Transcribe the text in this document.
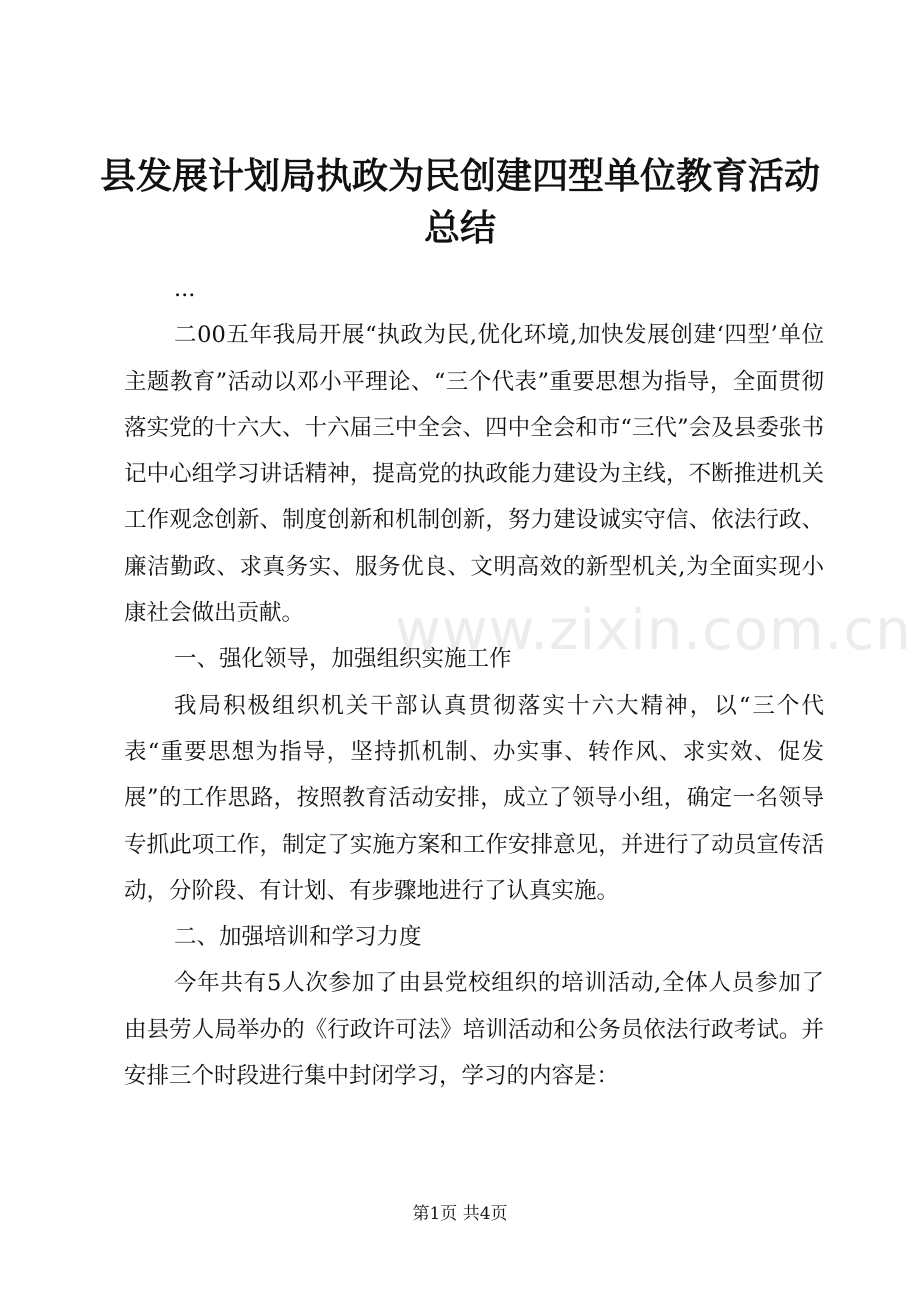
www.zixin.com.cn
县发展计划局执政为民创建四型单位教育活动
总结

...

二00五年我局开展“执政为民,优化环境,加快发展创建‘四型’单位主题教育”活动以邓小平理论、“三个代表”重要思想为指导，全面贯彻落实党的十六大、十六届三中全会、四中全会和市“三代”会及县委张书记中心组学习讲话精神，提高党的执政能力建设为主线，不断推进机关工作观念创新、制度创新和机制创新，努力建设诚实守信、依法行政、廉洁勤政、求真务实、服务优良、文明高效的新型机关,为全面实现小康社会做出贡献。

一、强化领导，加强组织实施工作

我局积极组织机关干部认真贯彻落实十六大精神，以“三个代表“重要思想为指导，坚持抓机制、办实事、转作风、求实效、促发展”的工作思路，按照教育活动安排，成立了领导小组，确定一名领导专抓此项工作，制定了实施方案和工作安排意见，并进行了动员宣传活动，分阶段、有计划、有步骤地进行了认真实施。

二、加强培训和学习力度

今年共有5人次参加了由县党校组织的培训活动,全体人员参加了由县劳人局举办的《行政许可法》培训活动和公务员依法行政考试。并安排三个时段进行集中封闭学习，学习的内容是：

第1页 共4页
